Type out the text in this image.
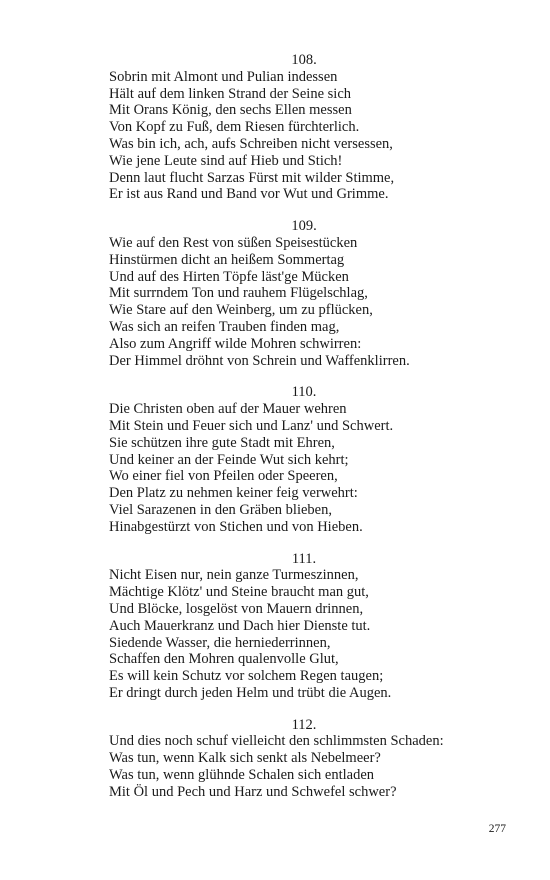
108.
Sobrin mit Almont und Pulian indessen
Hält auf dem linken Strand der Seine sich
Mit Orans König, den sechs Ellen messen
Von Kopf zu Fuß, dem Riesen fürchterlich.
Was bin ich, ach, aufs Schreiben nicht versessen,
Wie jene Leute sind auf Hieb und Stich!
Denn laut flucht Sarzas Fürst mit wilder Stimme,
Er ist aus Rand und Band vor Wut und Grimme.
109.
Wie auf den Rest von süßen Speisestücken
Hinstürmen dicht an heißem Sommertag
Und auf des Hirten Töpfe läst'ge Mücken
Mit surrndem Ton und rauhem Flügelschlag,
Wie Stare auf den Weinberg, um zu pflücken,
Was sich an reifen Trauben finden mag,
Also zum Angriff wilde Mohren schwirren:
Der Himmel dröhnt von Schrein und Waffenklirren.
110.
Die Christen oben auf der Mauer wehren
Mit Stein und Feuer sich und Lanz' und Schwert.
Sie schützen ihre gute Stadt mit Ehren,
Und keiner an der Feinde Wut sich kehrt;
Wo einer fiel von Pfeilen oder Speeren,
Den Platz zu nehmen keiner feig verwehrt:
Viel Sarazenen in den Gräben blieben,
Hinabgestürzt von Stichen und von Hieben.
111.
Nicht Eisen nur, nein ganze Turmeszinnen,
Mächtige Klötz' und Steine braucht man gut,
Und Blöcke, losgelöst von Mauern drinnen,
Auch Mauerkranz und Dach hier Dienste tut.
Siedende Wasser, die herniederrinnen,
Schaffen den Mohren qualenvolle Glut,
Es will kein Schutz vor solchem Regen taugen;
Er dringt durch jeden Helm und trübt die Augen.
112.
Und dies noch schuf vielleicht den schlimmsten Schaden:
Was tun, wenn Kalk sich senkt als Nebelmeer?
Was tun, wenn glühnde Schalen sich entladen
Mit Öl und Pech und Harz und Schwefel schwer?
277
